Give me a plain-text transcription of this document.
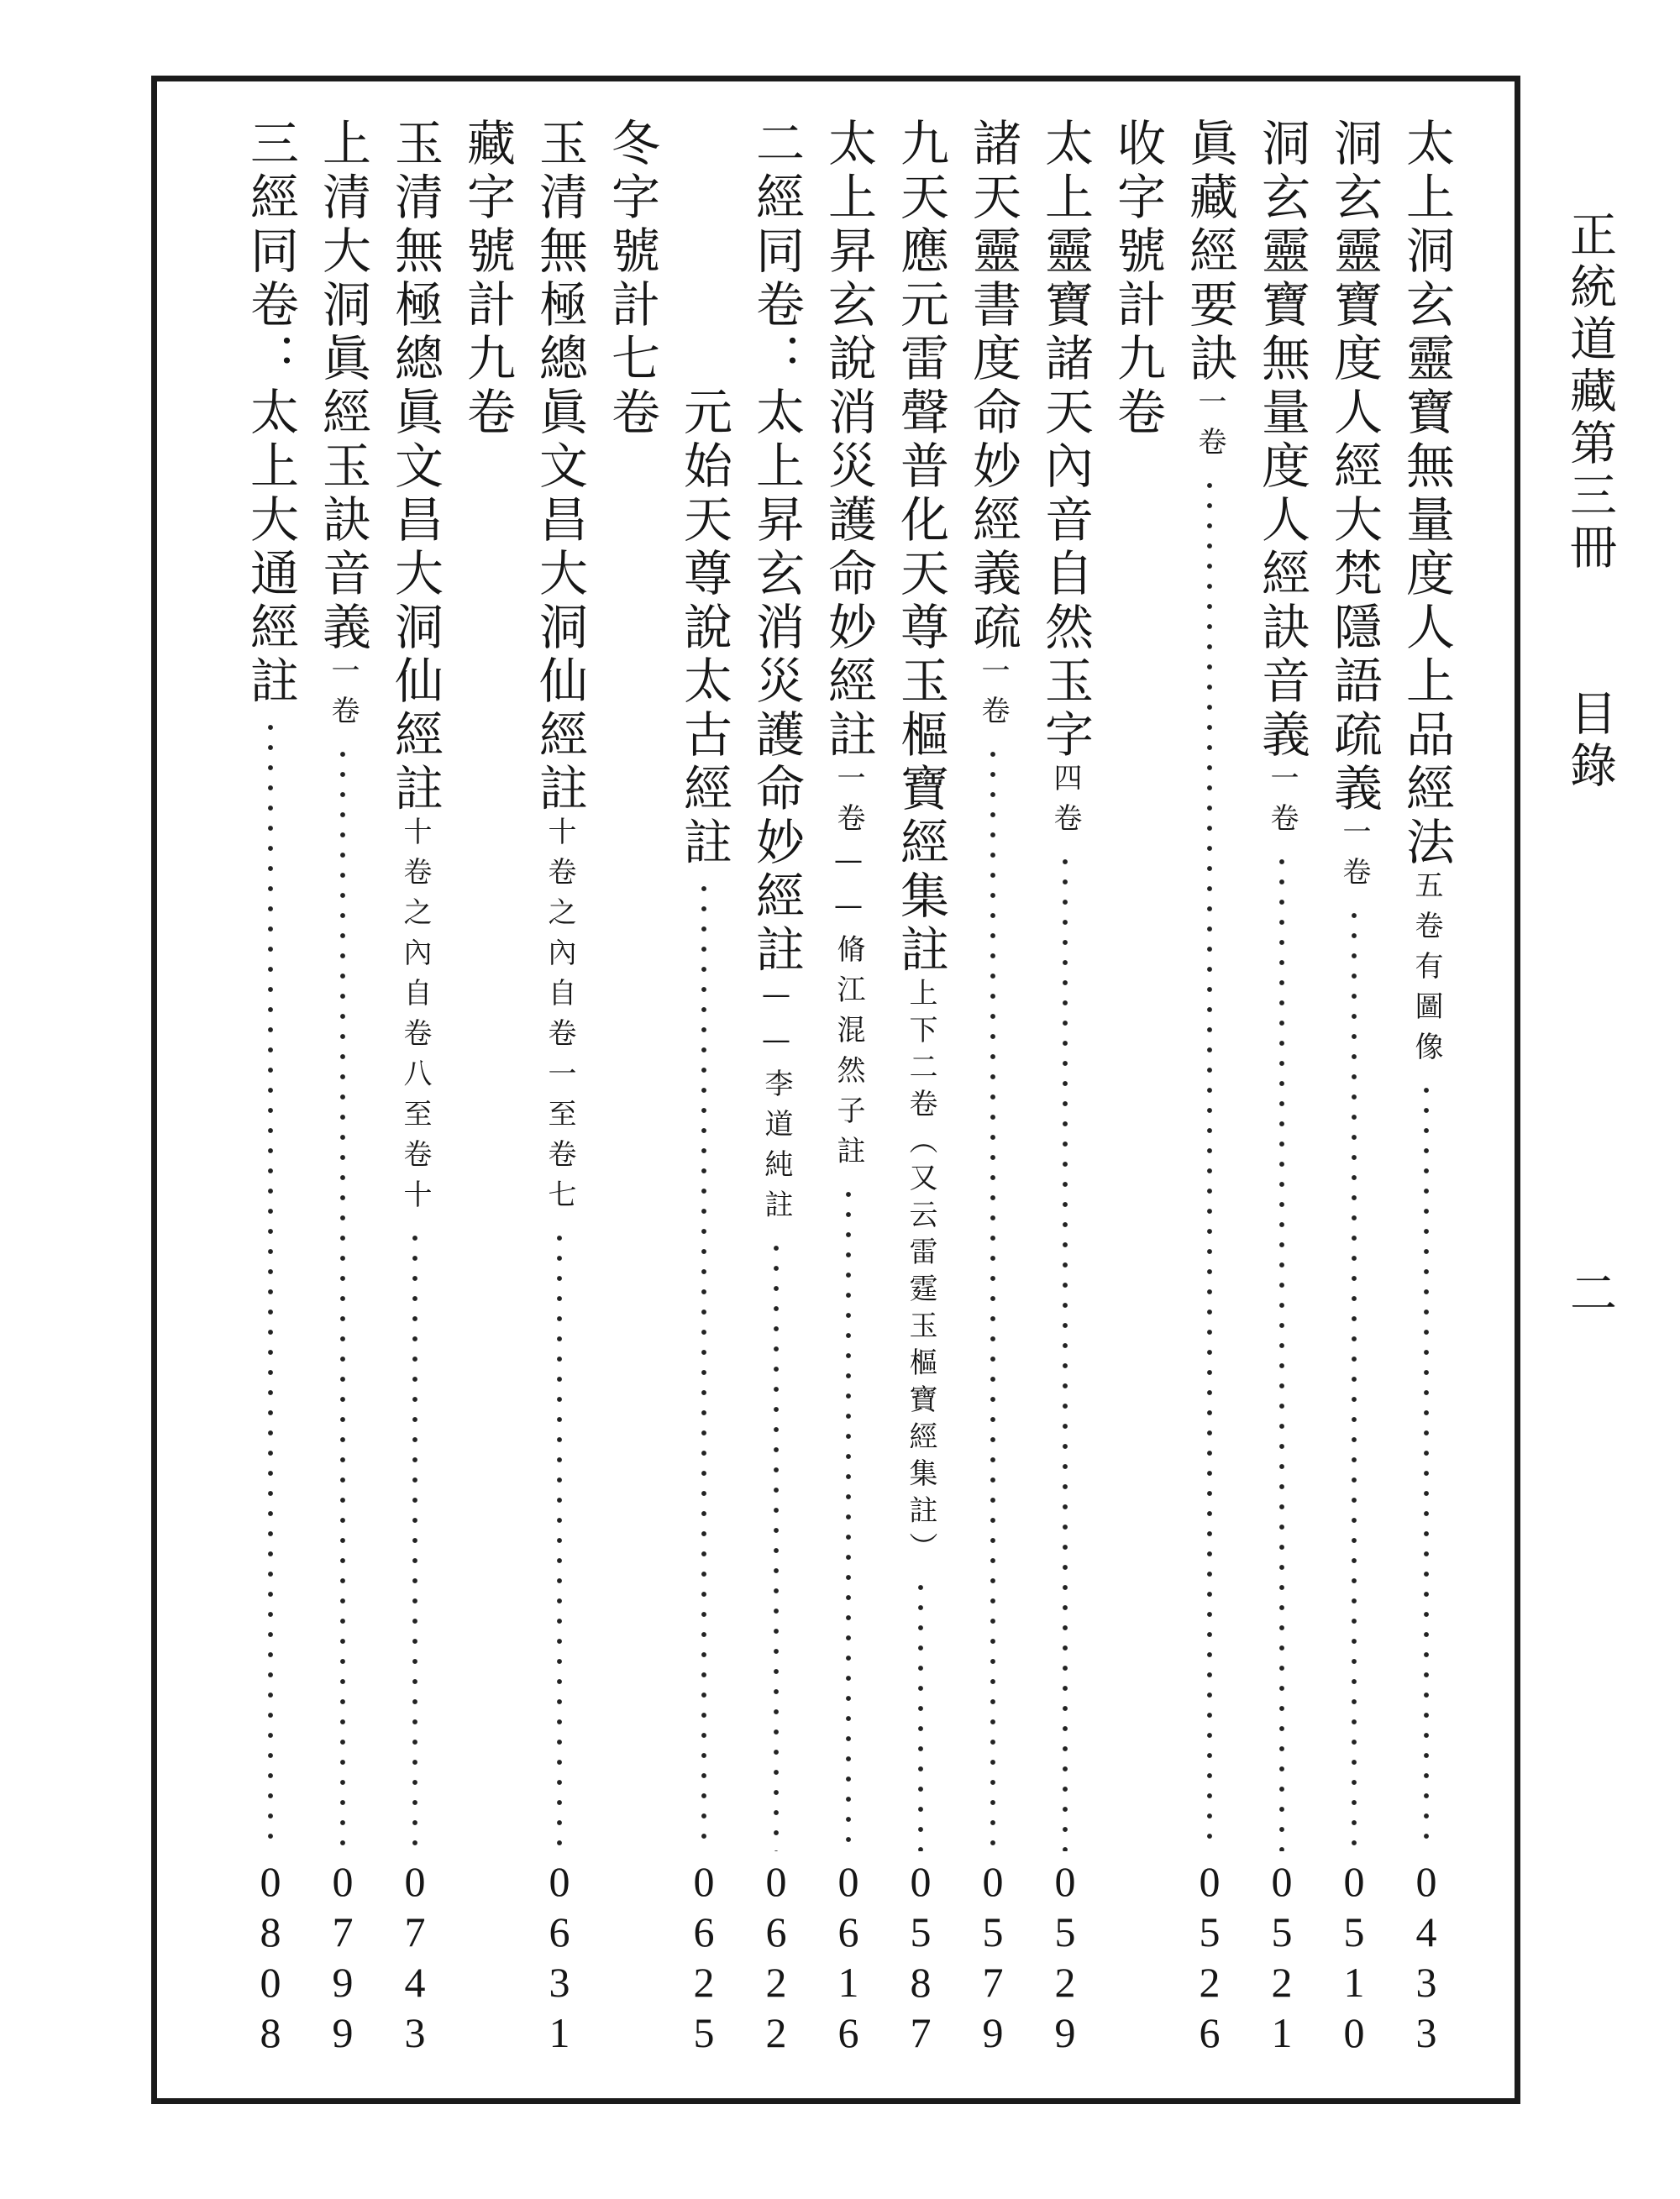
正統道藏第三冊
目錄
二
太上洞玄靈寶無量度人上品經法
五卷有圖像
0
4
3
3
洞玄靈寶度人經大梵隱語疏義
一卷
0
5
1
0
洞玄靈寶無量度人經訣音義
一卷
0
5
2
1
眞藏經要訣
一卷
0
5
2
6
收字號計九卷
太上靈寶諸天內音自然玉字
四卷
0
5
2
9
諸天靈書度命妙經義疏
一卷
0
5
7
9
九天應元雷聲普化天尊玉樞寶經集註
上下二卷（又云雷霆玉樞寶經集註）
0
5
8
7
太上昇玄說消災護命妙經註
一卷——脩江混然子註
0
6
1
6
二經同卷：太上昇玄消災護命妙經註
——李道純註
0
6
2
2
元始天尊說太古經註
0
6
2
5
冬字號計七卷
玉清無極總眞文昌大洞仙經註
十卷之內自卷一至卷七
0
6
3
1
藏字號計九卷
玉清無極總眞文昌大洞仙經註
十卷之內自卷八至卷十
0
7
4
3
上清大洞眞經玉訣音義
一卷
0
7
9
9
三經同卷：太上大通經註
0
8
0
8
